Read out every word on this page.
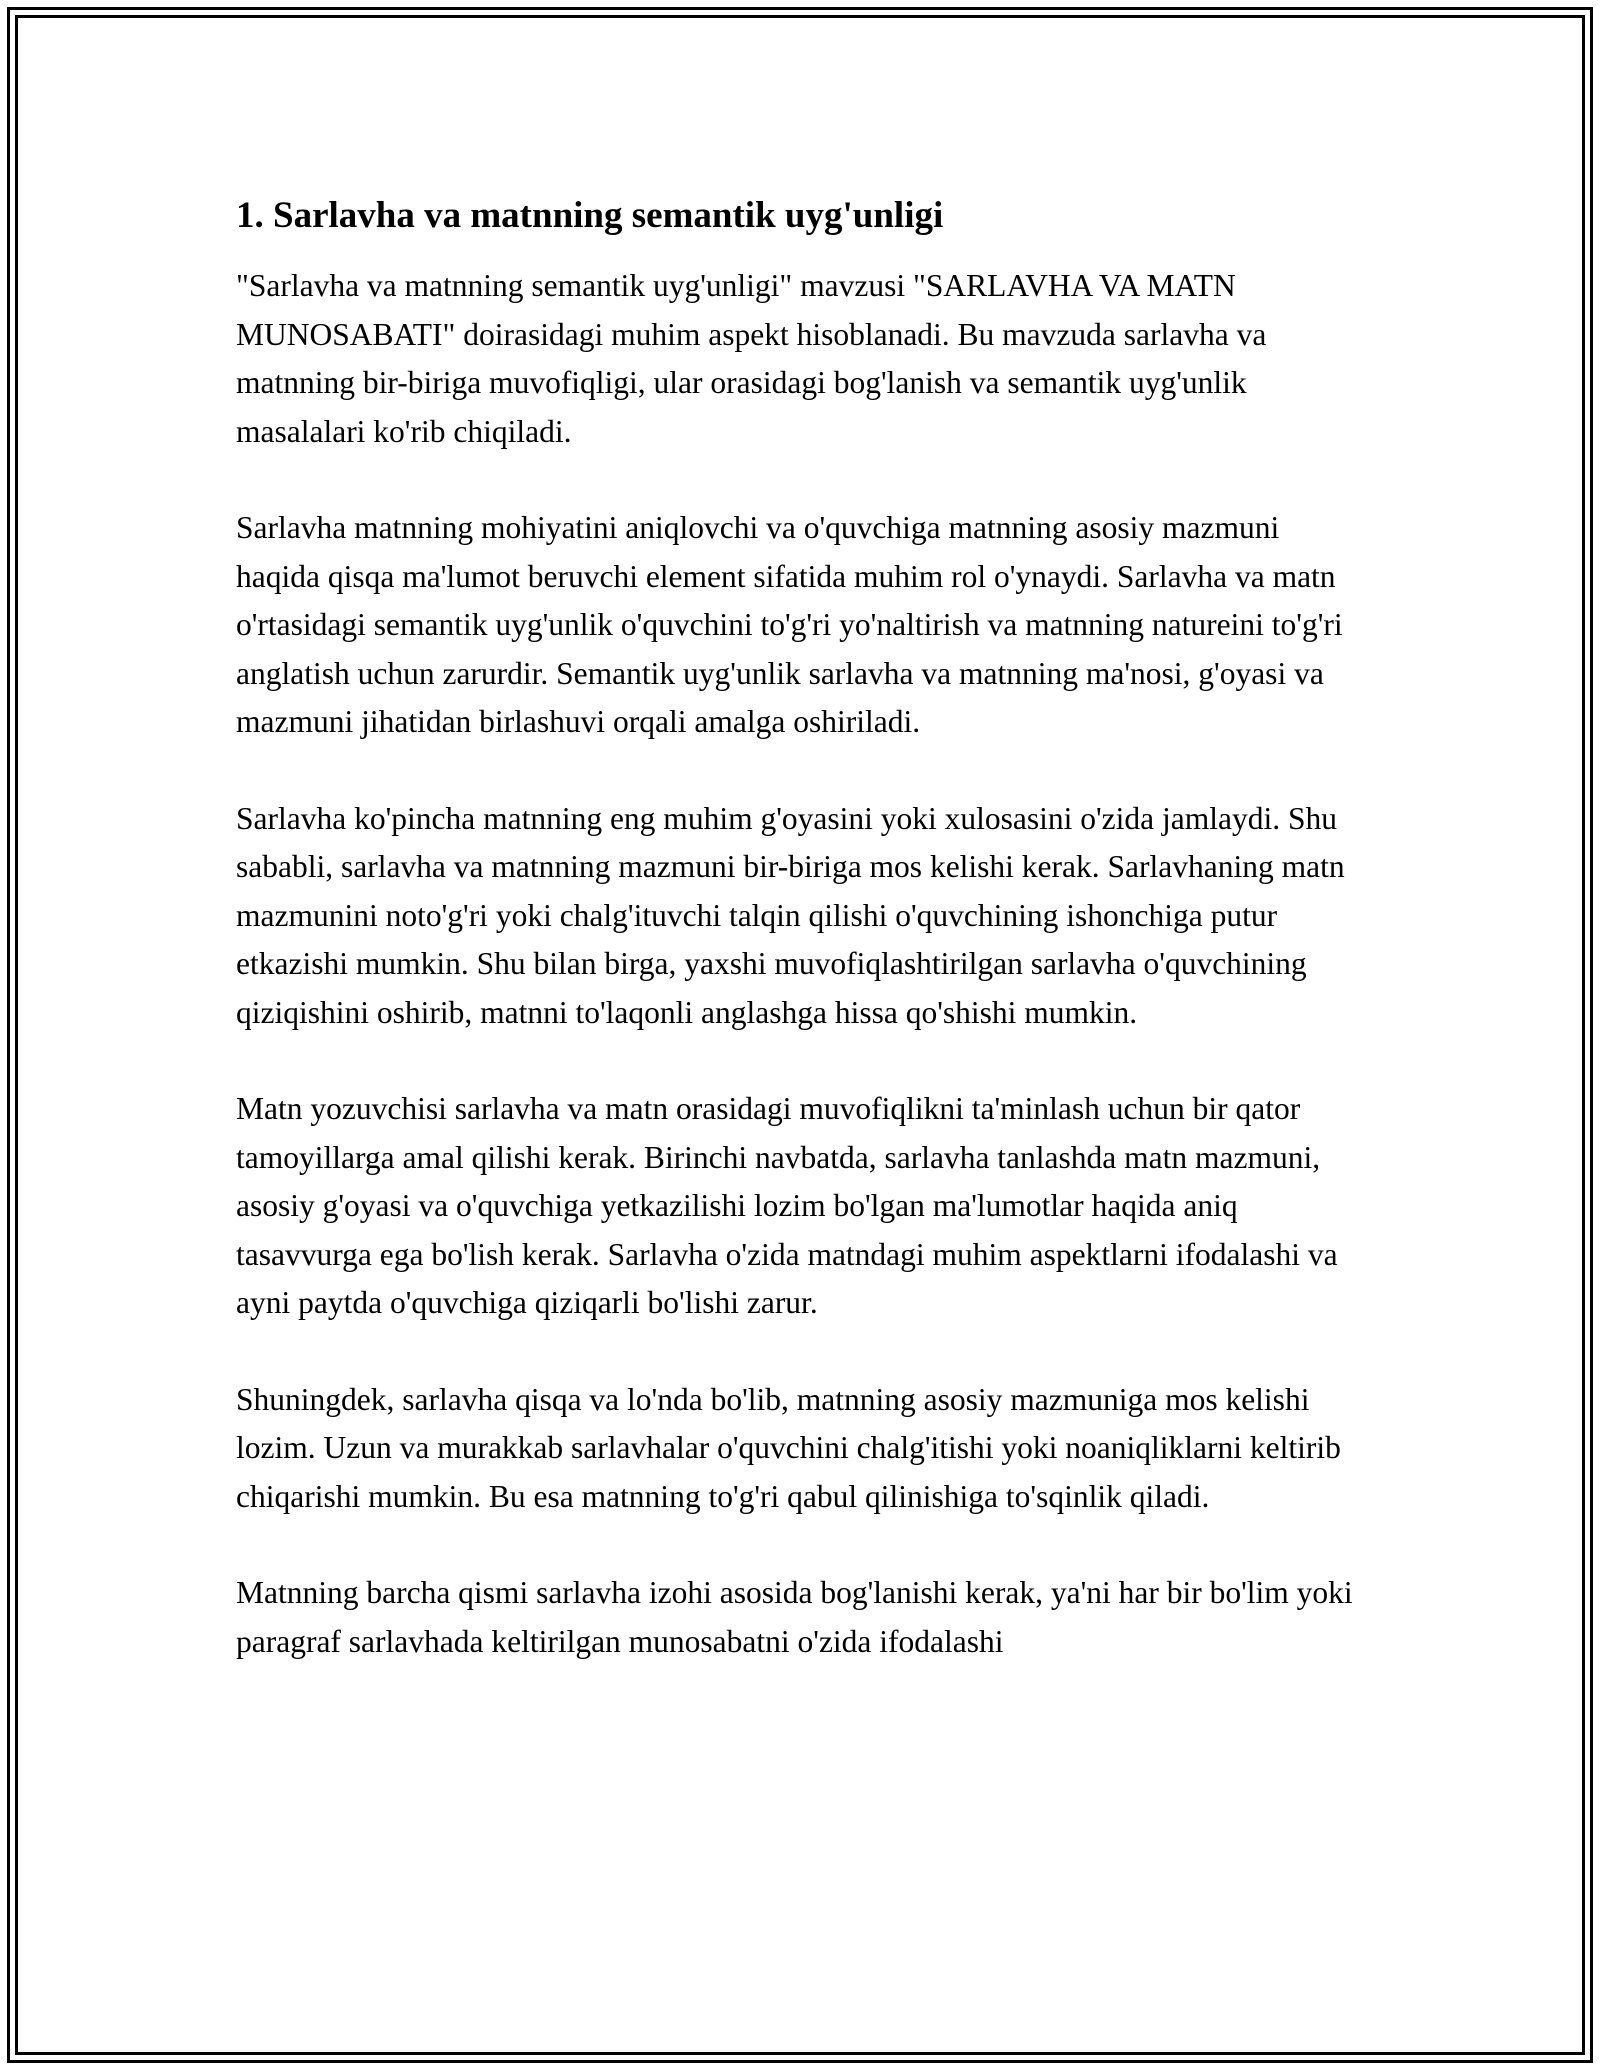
1. Sarlavha va matnning semantik uyg'unligi

"Sarlavha va matnning semantik uyg'unligi" mavzusi "SARLAVHA VA MATN MUNOSABATI" doirasidagi muhim aspekt hisoblanadi. Bu mavzuda sarlavha va matnning bir-biriga muvofiqligi, ular orasidagi bog'lanish va semantik uyg'unlik masalalari ko'rib chiqiladi.

Sarlavha matnning mohiyatini aniqlovchi va o'quvchiga matnning asosiy mazmuni haqida qisqa ma'lumot beruvchi element sifatida muhim rol o'ynaydi. Sarlavha va matn o'rtasidagi semantik uyg'unlik o'quvchini to'g'ri yo'naltirish va matnning natureini to'g'ri anglatish uchun zarurdir. Semantik uyg'unlik sarlavha va matnning ma'nosi, g'oyasi va mazmuni jihatidan birlashuvi orqali amalga oshiriladi.

Sarlavha ko'pincha matnning eng muhim g'oyasini yoki xulosasini o'zida jamlaydi. Shu sababli, sarlavha va matnning mazmuni bir-biriga mos kelishi kerak. Sarlavhaning matn mazmunini noto'g'ri yoki chalg'ituvchi talqin qilishi o'quvchining ishonchiga putur etkazishi mumkin. Shu bilan birga, yaxshi muvofiqlashtirilgan sarlavha o'quvchining qiziqishini oshirib, matnni to'laqonli anglashga hissa qo'shishi mumkin.

Matn yozuvchisi sarlavha va matn orasidagi muvofiqlikni ta'minlash uchun bir qator tamoyillarga amal qilishi kerak. Birinchi navbatda, sarlavha tanlashda matn mazmuni, asosiy g'oyasi va o'quvchiga yetkazilishi lozim bo'lgan ma'lumotlar haqida aniq tasavvurga ega bo'lish kerak. Sarlavha o'zida matndagi muhim aspektlarni ifodalashi va ayni paytda o'quvchiga qiziqarli bo'lishi zarur.

Shuningdek, sarlavha qisqa va lo'nda bo'lib, matnning asosiy mazmuniga mos kelishi lozim. Uzun va murakkab sarlavhalar o'quvchini chalg'itishi yoki noaniqliklarni keltirib chiqarishi mumkin. Bu esa matnning to'g'ri qabul qilinishiga to'sqinlik qiladi.

Matnning barcha qismi sarlavha izohi asosida bog'lanishi kerak, ya'ni har bir bo'lim yoki paragraf sarlavhada keltirilgan munosabatni o'zida ifodalashi
